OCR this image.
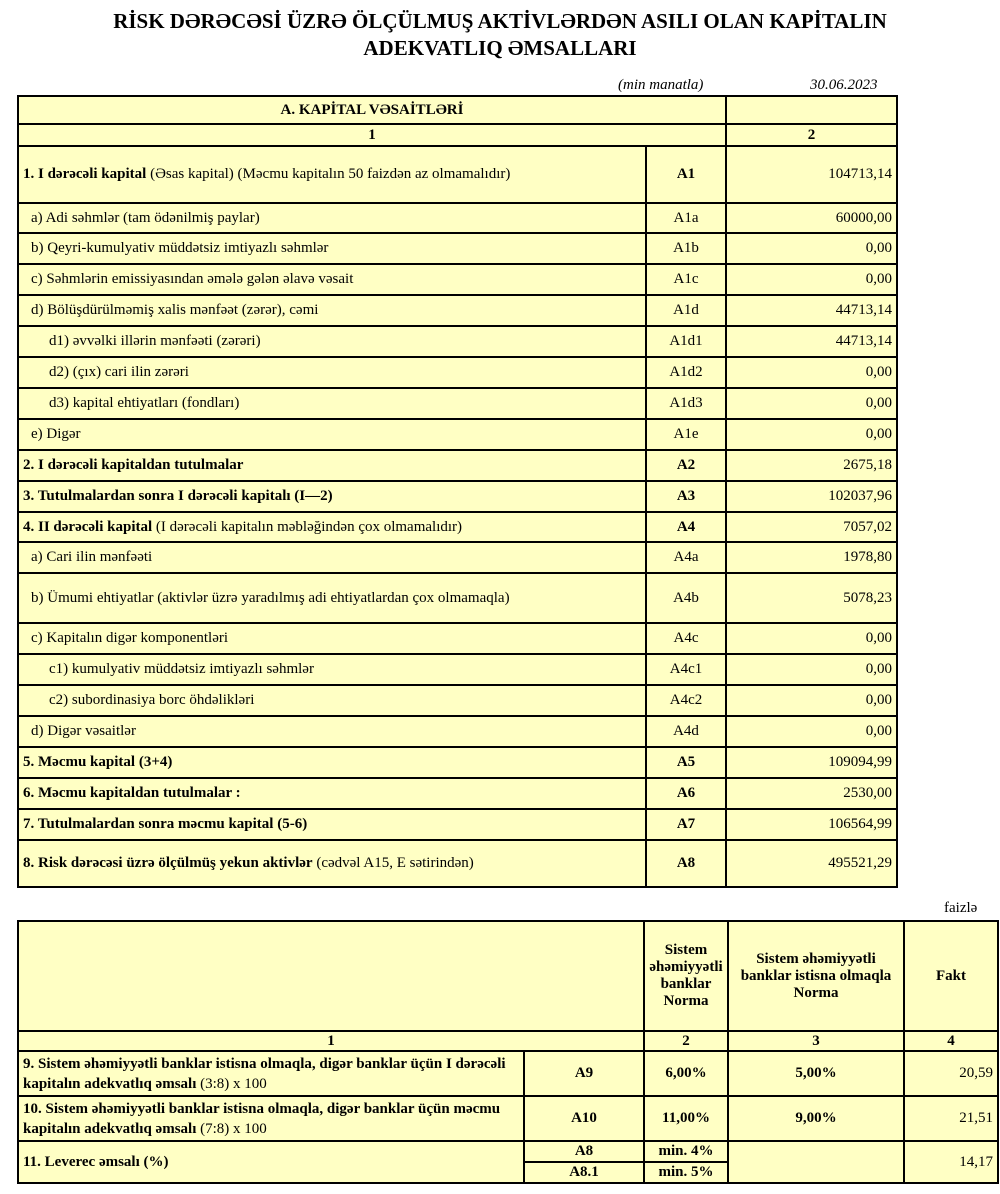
RİSK DƏRƏCƏSİ ÜZRƏ ÖLÇÜLMUŞ AKTİVLƏRDƏN ASILI OLAN KAPİTALIN
ADEKVATLIQ ƏMSALLARI
(min manatla)	30.06.2023
A. KAPİTAL VƏSAİTLƏRİ		
1		2
1. I dərəcəli kapital (Əsas kapital) (Məcmu kapitalın 50 faizdən az olmamalıdır)	A1	104713,14
a) Adi səhmlər (tam ödənilmiş paylar)	A1a	60000,00
b) Qeyri-kumulyativ müddətsiz imtiyazlı səhmlər	A1b	0,00
c) Səhmlərin emissiyasından əmələ gələn əlavə vəsait	A1c	0,00
d) Bölüşdürülməmiş xalis mənfəət (zərər), cəmi	A1d	44713,14
d1) əvvəlki illərin mənfəəti (zərəri)	A1d1	44713,14
d2) (çıx) cari ilin zərəri	A1d2	0,00
d3) kapital ehtiyatları (fondları)	A1d3	0,00
e) Digər	A1e	0,00
2. I dərəcəli kapitaldan tutulmalar	A2	2675,18
3. Tutulmalardan sonra I dərəcəli kapitalı (I—2)	A3	102037,96
4. II dərəcəli kapital (I dərəcəli kapitalın məbləğindən çox olmamalıdır)	A4	7057,02
a) Cari ilin mənfəəti	A4a	1978,80
b) Ümumi ehtiyatlar (aktivlər üzrə yaradılmış adi ehtiyatlardan çox olmamaqla)	A4b	5078,23
c) Kapitalın digər komponentləri	A4c	0,00
c1) kumulyativ müddətsiz imtiyazlı səhmlər	A4c1	0,00
c2) subordinasiya borc öhdəlikləri	A4c2	0,00
d) Digər vəsaitlər	A4d	0,00
5. Məcmu kapital (3+4)	A5	109094,99
6. Məcmu kapitaldan tutulmalar :	A6	2530,00
7. Tutulmalardan sonra məcmu kapital (5-6)	A7	106564,99
8. Risk dərəcəsi üzrə ölçülmüş yekun aktivlər (cədvəl A15, E sətirindən)	A8	495521,29
faizlə
		Sistem əhəmiyyətli banklar Norma	Sistem əhəmiyyətli banklar istisna olmaqla Norma	Fakt
1		2	3	4
9. Sistem əhəmiyyətli banklar istisna olmaqla, digər banklar üçün I dərəcəli kapitalın adekvatlıq əmsalı (3:8) x 100	A9	6,00%	5,00%	20,59
10. Sistem əhəmiyyətli banklar istisna olmaqla, digər banklar üçün məcmu kapitalın adekvatlıq əmsalı (7:8) x 100	A10	11,00%	9,00%	21,51
11. Leverec əmsalı (%)	A8	min. 4%		14,17
	A8.1	min. 5%		
